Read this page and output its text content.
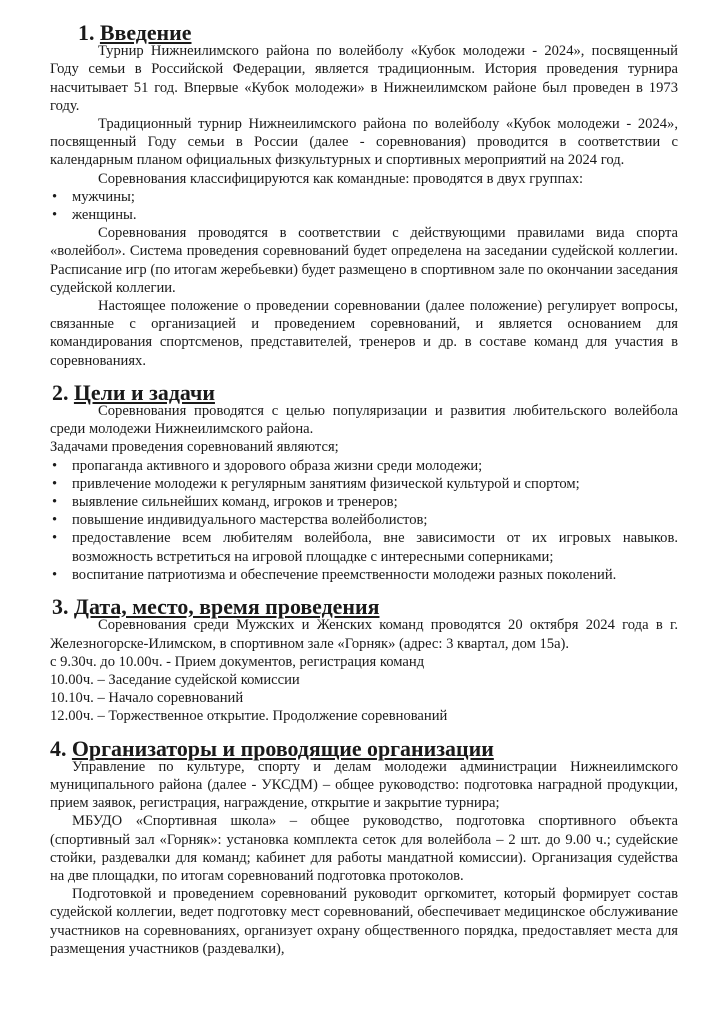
1. Введение

Турнир Нижнеилимского района по волейболу «Кубок молодежи - 2024», посвященный Году семьи в Российской Федерации, является традиционным. История проведения турнира насчитывает 51 год. Впервые «Кубок молодежи» в Нижнеилимском районе был проведен в 1973 году.

Традиционный турнир Нижнеилимского района по волейболу «Кубок молодежи - 2024», посвященный Году семьи в России (далее - соревнования) проводится в соответствии с календарным планом официальных физкультурных и спортивных мероприятий на 2024 год.

Соревнования классифицируются как командные: проводятся в двух группах:

• мужчины;
• женщины.

Соревнования проводятся в соответствии с действующими правилами вида спорта «волейбол». Система проведения соревнований будет определена на заседании судейской коллегии. Расписание игр (по итогам жеребьевки) будет размещено в спортивном зале по окончании заседания судейской коллегии.

Настоящее положение о проведении соревновании (далее положение) регулирует вопросы, связанные с организацией и проведением соревнований, и является основанием для командирования спортсменов, представителей, тренеров и др. в составе команд для участия в соревнованиях.

2. Цели и задачи

Соревнования проводятся с целью популяризации и развития любительского волейбола среди молодежи Нижнеилимского района.

Задачами проведения соревнований являются;

• пропаганда активного и здорового образа жизни среди молодежи;
• привлечение молодежи к регулярным занятиям физической культурой и спортом;
• выявление сильнейших команд, игроков и тренеров;
• повышение индивидуального мастерства волейболистов;
• предоставление всем любителям волейбола, вне зависимости от их игровых навыков. возможность встретиться на игровой площадке с интересными соперниками;
• воспитание патриотизма и обеспечение преемственности молодежи разных поколений.
3. Дата, место, время проведения

Соревнования среди Мужских и Женских команд проводятся 20 октября 2024 года в г. Железногорске-Илимском, в спортивном зале «Горняк» (адрес: 3 квартал, дом 15а).

с 9.30ч. до 10.00ч. - Прием документов, регистрация команд

10.00ч. – Заседание судейской комиссии

10.10ч. – Начало соревнований

12.00ч. – Торжественное открытие. Продолжение соревнований

4. Организаторы и проводящие организации

Управление по культуре, спорту и делам молодежи администрации Нижнеилимского муниципального района (далее - УКСДМ) – общее руководство: подготовка наградной продукции, прием заявок, регистрация, награждение, открытие и закрытие турнира;

МБУДО «Спортивная школа» – общее руководство, подготовка спортивного объекта (спортивный зал «Горняк»: установка комплекта сеток для волейбола – 2 шт. до 9.00 ч.; судейские стойки, раздевалки для команд; кабинет для работы мандатной комиссии). Организация судейства на две площадки, по итогам соревнований подготовка протоколов.

Подготовкой и проведением соревнований руководит оргкомитет, который формирует состав судейской коллегии, ведет подготовку мест соревнований, обеспечивает медицинское обслуживание участников на соревнованиях, организует охрану общественного порядка, предоставляет места для размещения участников (раздевалки),
